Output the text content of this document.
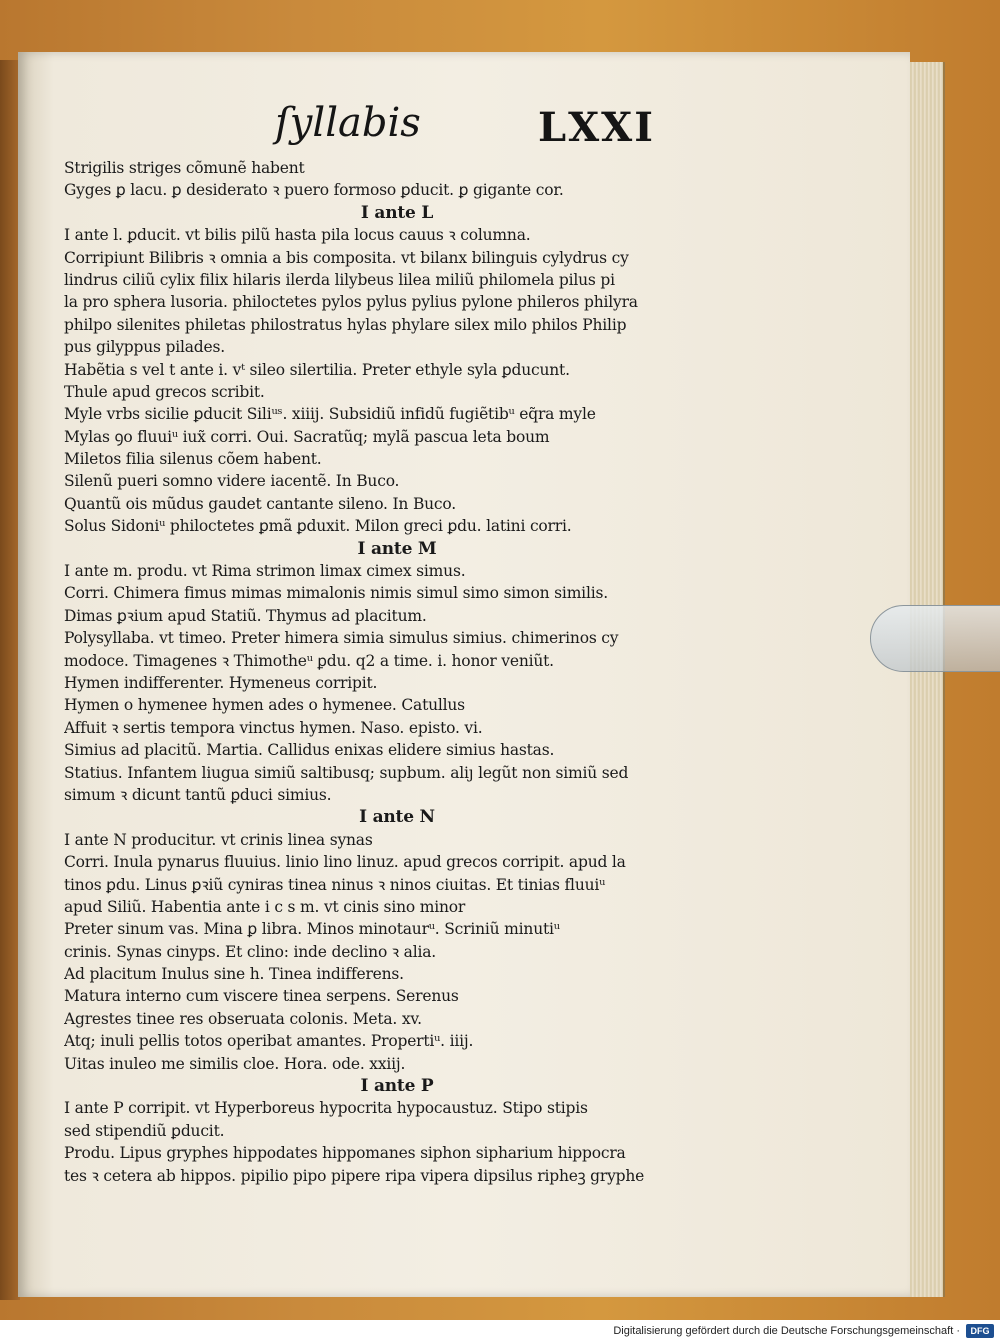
ſyllabis	LXXI
Strigilis striges cõmunẽ habent
Gyges ꝑ lacu. ꝑ desiderato ꝛ puero formoso ꝑducit. ꝑ gigante cor.
I ante L
I ante l. ꝑducit. vt bilis pilũ hasta pila locus cauus ꝛ columna.
Corripiunt Bilibris ꝛ omnia a bis composita. vt bilanx bilinguis cylydrus cy
lindrus ciliũ cylix filix hilaris ilerda lilybeus lilea miliũ philomela pilus pi
la pro sphera lusoria. philoctetes pylos pylus pylius pylone phileros philyra
philpo silenites philetas philostratus hylas phylare silex milo philos Philip
pus gilyppus pilades.
Habẽtia s vel t ante i. vᵗ sileo silertilia. Preter ethyle syla ꝑducunt.
Thule apud grecos scribit.
Myle vrbs sicilie ꝑducit Siliᵘˢ. xiiij. Subsidiũ infidũ fugiẽtibᵘ eq̃ra myle
Mylas ꝯo fluuiᵘ iux̃ corri. Oui. Sacratũq; mylã pascua leta boum
Miletos filia silenus cõem habent.
Silenũ pueri somno videre iacentẽ. In Buco.
Quantũ ois mũdus gaudet cantante sileno. In Buco.
Solus Sidoniᵘ philoctetes ꝑmã ꝑduxit. Milon greci ꝑdu. latini corri.
I ante M
I ante m. produ. vt Rima strimon limax cimex simus.
Corri. Chimera fimus mimas mimalonis nimis simul simo simon similis.
Dimas ꝑꝛium apud Statiũ. Thymus ad placitum.
Polysyllaba. vt timeo. Preter himera simia simulus simius. chimerinos cy
modoce. Timagenes ꝛ Thimotheᵘ ꝑdu. q2 a time. i. honor veniũt.
Hymen indifferenter. Hymeneus corripit.
Hymen o hymenee hymen ades o hymenee. Catullus
Affuit ꝛ sertis tempora vinctus hymen. Naso. episto. vi.
Simius ad placitũ. Martia. Callidus enixas elidere simius hastas.
Statius. Infantem liugua simiũ saltibusq; supbum. aliȷ legũt non simiũ sed
simum ꝛ dicunt tantũ ꝑduci simius.
I ante N
I ante N producitur. vt crinis linea synas
Corri. Inula pynarus fluuius. linio lino linuz. apud grecos corripit. apud la
tinos ꝑdu. Linus ꝑꝛiũ cyniras tinea ninus ꝛ ninos ciuitas. Et tinias fluuiᵘ
apud Siliũ. Habentia ante i c s m. vt cinis sino minor
Preter sinum vas. Mina ꝑ libra. Minos minotaurᵘ. Scriniũ minutiᵘ
crinis. Synas cinyps. Et clino: inde declino ꝛ alia.
Ad placitum Inulus sine h. Tinea indifferens.
Matura interno cum viscere tinea serpens. Serenus
Agrestes tinee res obseruata colonis. Meta. xv.
Atq; inuli pellis totos operibat amantes. Propertiᵘ. iiij.
Uitas inuleo me similis cloe. Hora. ode. xxiij.
I ante P
I ante P corripit. vt Hyperboreus hypocrita hypocaustuz. Stipo stipis
sed stipendiũ ꝑducit.
Produ. Lipus gryphes hippodates hippomanes siphon sipharium hippocra
tes ꝛ cetera ab hippos. pipilio pipo pipere ripa vipera dipsilus ripheꝫ gryphe
Digitalisierung gefördert durch die Deutsche Forschungsgemeinschaft ·	DFG
